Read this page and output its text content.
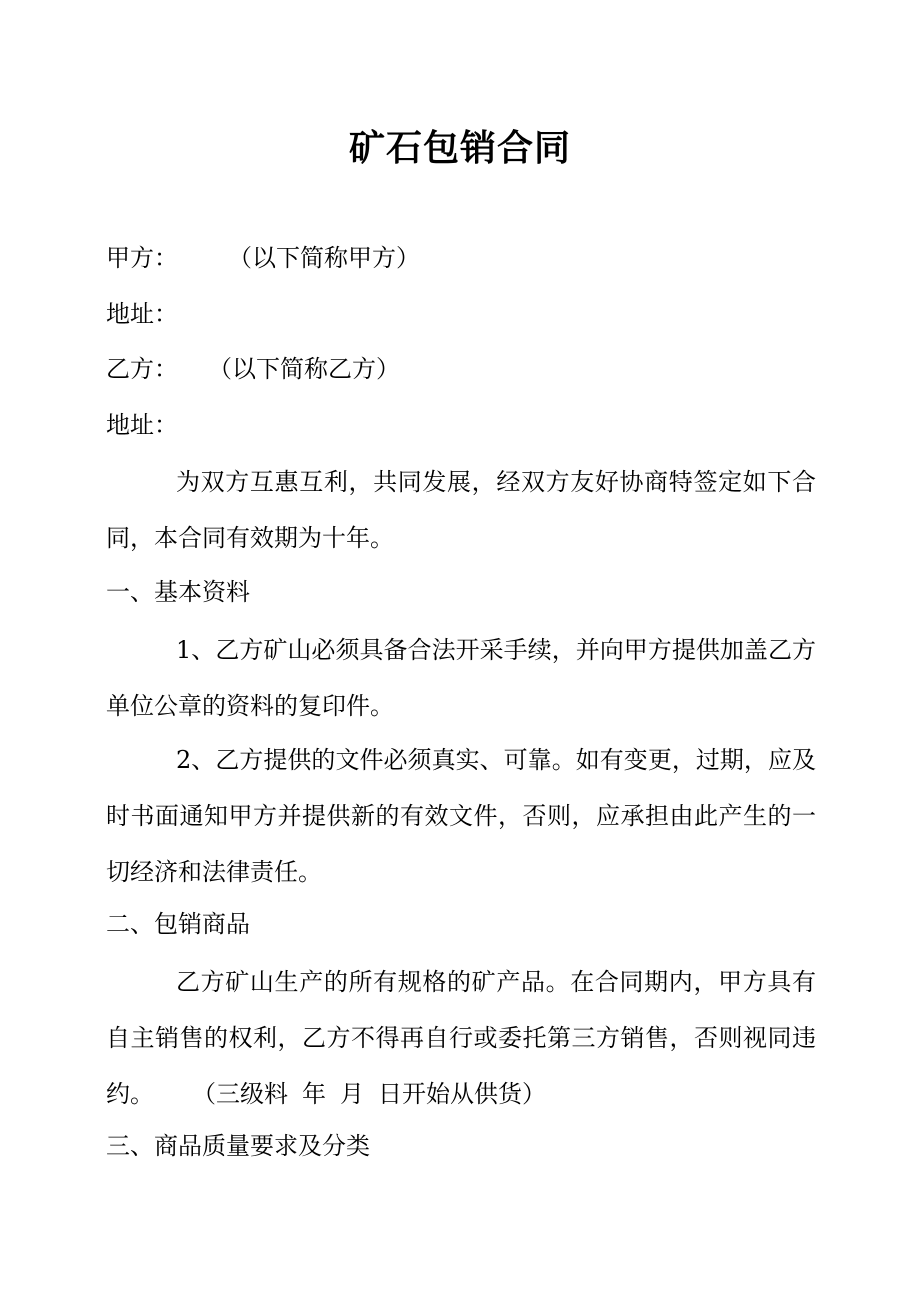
矿石包销合同

甲方： （以下简称甲方）

地址：

乙方： （以下简称乙方）

地址：

为双方互惠互利，共同发展，经双方友好协商特签定如下合同，本合同有效期为十年。

一、基本资料

1、乙方矿山必须具备合法开采手续，并向甲方提供加盖乙方单位公章的资料的复印件。

2、乙方提供的文件必须真实、可靠。如有变更，过期，应及时书面通知甲方并提供新的有效文件，否则，应承担由此产生的一切经济和法律责任。

二、包销商品

乙方矿山生产的所有规格的矿产品。在合同期内，甲方具有自主销售的权利，乙方不得再自行或委托第三方销售，否则视同违约。 （三级料 年 月 日开始从供货）

三、商品质量要求及分类
